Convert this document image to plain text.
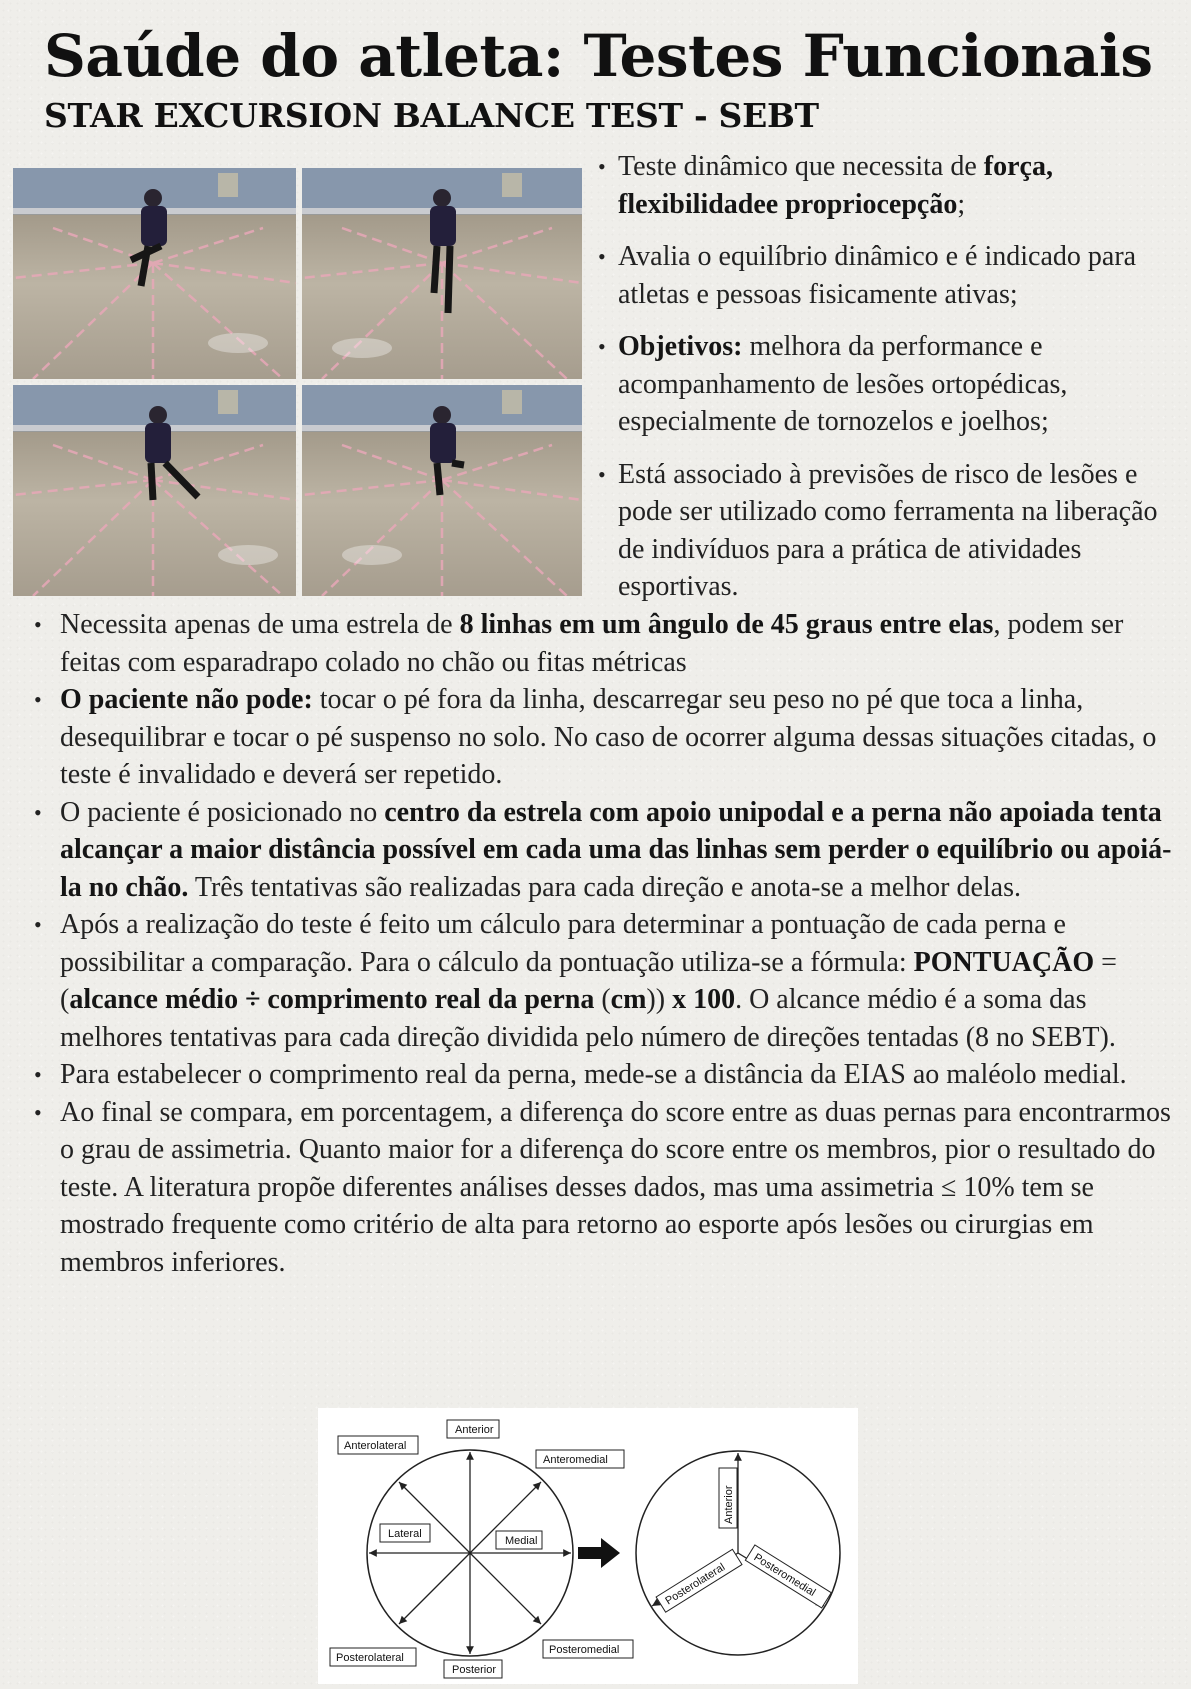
Saúde do atleta: Testes Funcionais
STAR EXCURSION BALANCE TEST - SEBT
• Teste dinâmico que necessita de força, flexibilidadee propriocepção;
• Avalia o equilíbrio dinâmico e é indicado para atletas e pessoas fisicamente ativas;
• Objetivos: melhora da performance e acompanhamento de lesões ortopédicas, especialmente de tornozelos e joelhos;
• Está associado à previsões de risco de lesões e pode ser utilizado como ferramenta na liberação de indivíduos para a prática de atividades esportivas.
• Necessita apenas de uma estrela de 8 linhas em um ângulo de 45 graus entre elas, podem ser feitas com esparadrapo colado no chão ou fitas métricas
• O paciente não pode: tocar o pé fora da linha, descarregar seu peso no pé que toca a linha, desequilibrar e tocar o pé suspenso no solo. No caso de ocorrer alguma dessas situações citadas, o teste é invalidado e deverá ser repetido.
• O paciente é posicionado no centro da estrela com apoio unipodal e a perna não apoiada tenta alcançar a maior distância possível em cada uma das linhas sem perder o equilíbrio ou apoiá-la no chão. Três tentativas são realizadas para cada direção e anota-se a melhor delas.
• Após a realização do teste é feito um cálculo para determinar a pontuação de cada perna e possibilitar a comparação. Para o cálculo da pontuação utiliza-se a fórmula: PONTUAÇÃO = (alcance médio ÷ comprimento real da perna (cm)) x 100. O alcance médio é a soma das melhores tentativas para cada direção dividida pelo número de direções tentadas (8 no SEBT).
• Para estabelecer o comprimento real da perna, mede-se a distância da EIAS ao maléolo medial.
• Ao final se compara, em porcentagem, a diferença do score entre as duas pernas para encontrarmos o grau de assimetria. Quanto maior for a diferença do score entre os membros, pior o resultado do teste. A literatura propõe diferentes análises desses dados, mas uma assimetria ≤ 10% tem se mostrado frequente como critério de alta para retorno ao esporte após lesões ou cirurgias em membros inferiores.
Anterior
Anterolateral
Anteromedial
Lateral
Medial
Posterolateral
Posteromedial
Posterior
Anterior
Posterolateral Posteromedial
